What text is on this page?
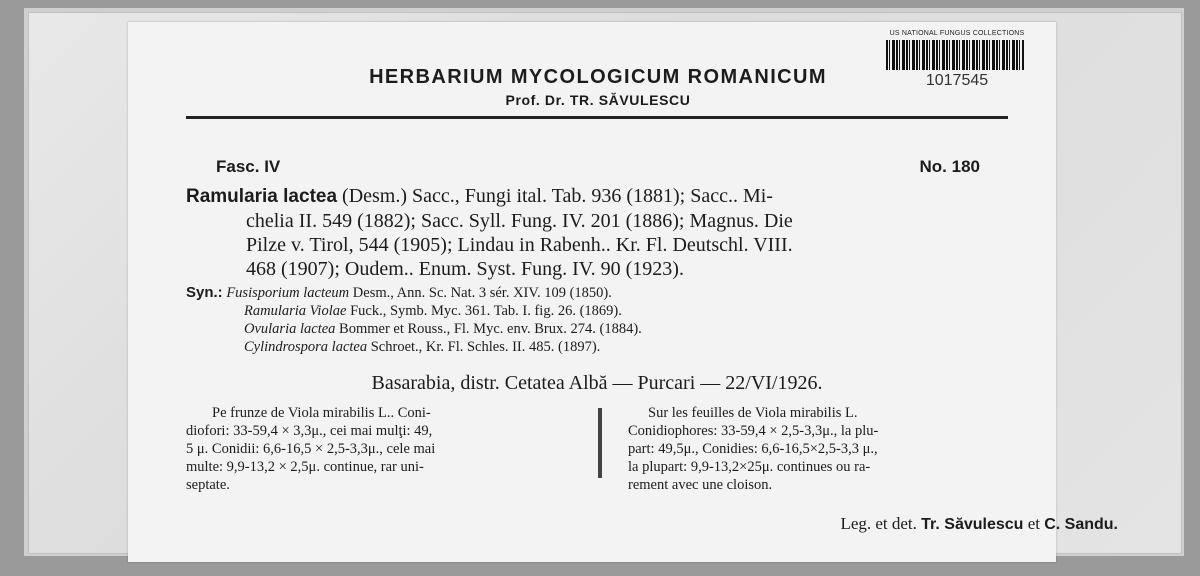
US NATIONAL FUNGUS COLLECTIONS
1017545
HERBARIUM MYCOLOGICUM ROMANICUM
Prof. Dr. TR. SĂVULESCU
Fasc. IV	No. 180
Ramularia lactea (Desm.) Sacc., Fungi ital. Tab. 936 (1881); Sacc.. Mi-
chelia II. 549 (1882); Sacc. Syll. Fung. IV. 201 (1886); Magnus. Die
Pilze v. Tirol, 544 (1905); Lindau in Rabenh.. Kr. Fl. Deutschl. VIII.
468 (1907); Oudem.. Enum. Syst. Fung. IV. 90 (1923).
Syn.: Fusisporium lacteum Desm., Ann. Sc. Nat. 3 sér. XIV. 109 (1850).
Ramularia Violae Fuck., Symb. Myc. 361. Tab. I. fig. 26. (1869).
Ovularia lactea Bommer et Rouss., Fl. Myc. env. Brux. 274. (1884).
Cylindrospora lactea Schroet., Kr. Fl. Schles. II. 485. (1897).
Basarabia, distr. Cetatea Albă — Purcari — 22/VI/1926.
Pe frunze de Viola mirabilis L.. Coni-
diofori: 33-59,4 × 3,3μ., cei mai mulţi: 49,
5 μ. Conidii: 6,6-16,5 × 2,5-3,3μ., cele mai
multe: 9,9-13,2 × 2,5μ. continue, rar uni-
septate.
Sur les feuilles de Viola mirabilis L.
Conidiophores: 33-59,4 × 2,5-3,3μ., la plu-
part: 49,5μ., Conidies: 6,6-16,5×2,5-3,3 μ.,
la plupart: 9,9-13,2×25μ. continues ou ra-
rement avec une cloison.
Leg. et det. Tr. Săvulescu et C. Sandu.
